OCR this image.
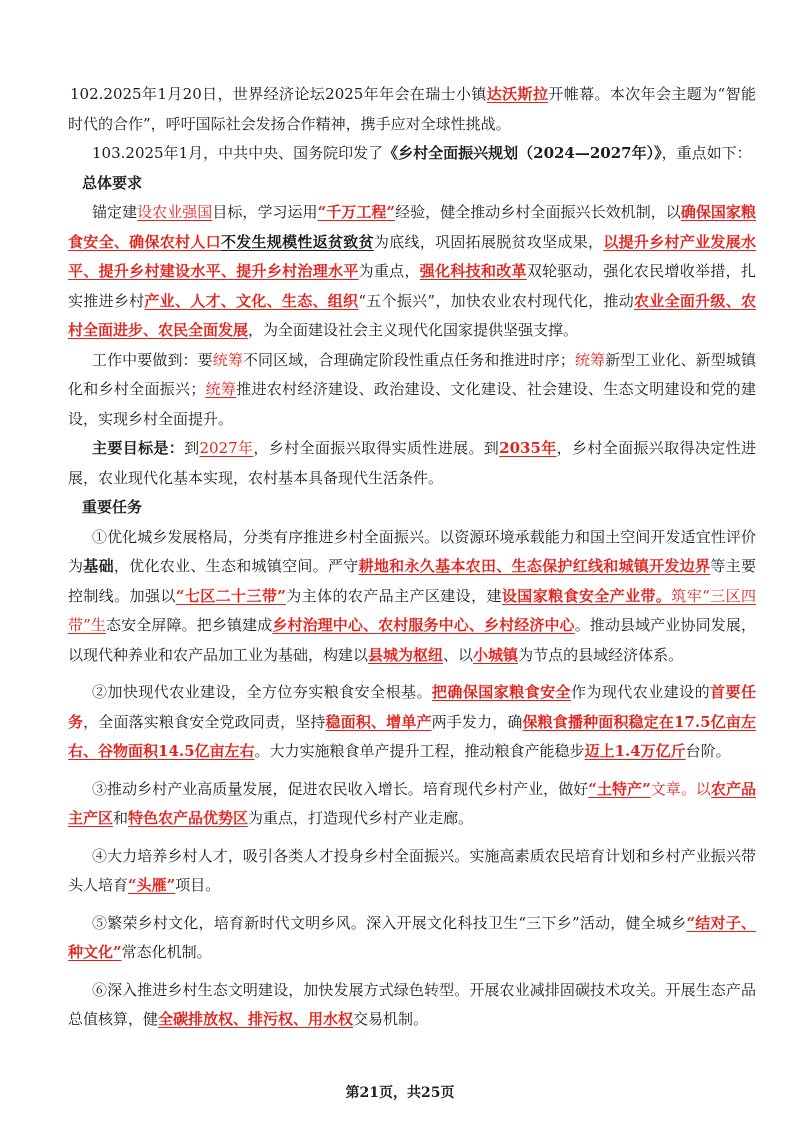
102.2025年1月20日，世界经济论坛2025年年会在瑞士小镇达沃斯拉开帷幕。本次年会主题为“智能时代的合作”，呼吁国际社会发扬合作精神，携手应对全球性挑战。

103.2025年1月，中共中央、国务院印发了《乡村全面振兴规划（2024—2027年）》，重点如下：

总体要求

锚定建设农业强国目标，学习运用“千万工程”经验，健全推动乡村全面振兴长效机制，以确保国家粮食安全、确保农村人口不发生规模性返贫致贫为底线，巩固拓展脱贫攻坚成果，以提升乡村产业发展水平、提升乡村建设水平、提升乡村治理水平为重点，强化科技和改革双轮驱动，强化农民增收举措，扎实推进乡村产业、人才、文化、生态、组织“五个振兴”，加快农业农村现代化，推动农业全面升级、农村全面进步、农民全面发展，为全面建设社会主义现代化国家提供坚强支撑。

工作中要做到：要统筹不同区域，合理确定阶段性重点任务和推进时序；统筹新型工业化、新型城镇化和乡村全面振兴；统筹推进农村经济建设、政治建设、文化建设、社会建设、生态文明建设和党的建设，实现乡村全面提升。

主要目标是：到2027年，乡村全面振兴取得实质性进展。到2035年，乡村全面振兴取得决定性进展，农业现代化基本实现，农村基本具备现代生活条件。

重要任务

①优化城乡发展格局，分类有序推进乡村全面振兴。以资源环境承载能力和国土空间开发适宜性评价为基础，优化农业、生态和城镇空间。严守耕地和永久基本农田、生态保护红线和城镇开发边界等主要控制线。加强以“七区二十三带”为主体的农产品主产区建设，建设国家粮食安全产业带。筑牢“三区四带”生态安全屏障。把乡镇建成乡村治理中心、农村服务中心、乡村经济中心。推动县域产业协同发展，以现代种养业和农产品加工业为基础，构建以县城为枢纽、以小城镇为节点的县域经济体系。

②加快现代农业建设，全方位夯实粮食安全根基。把确保国家粮食安全作为现代农业建设的首要任务，全面落实粮食安全党政同责，坚持稳面积、增单产两手发力，确保粮食播种面积稳定在17.5亿亩左右、谷物面积14.5亿亩左右。大力实施粮食单产提升工程，推动粮食产能稳步迈上1.4万亿斤台阶。

③推动乡村产业高质量发展，促进农民收入增长。培育现代乡村产业，做好“土特产”文章。以农产品主产区和特色农产品优势区为重点，打造现代乡村产业走廊。

④大力培养乡村人才，吸引各类人才投身乡村全面振兴。实施高素质农民培育计划和乡村产业振兴带头人培育“头雁”项目。

⑤繁荣乡村文化，培育新时代文明乡风。深入开展文化科技卫生“三下乡”活动，健全城乡“结对子、种文化”常态化机制。

⑥深入推进乡村生态文明建设，加快发展方式绿色转型。开展农业减排固碳技术攻关。开展生态产品总值核算，健全碳排放权、排污权、用水权交易机制。

第21页，共25页
